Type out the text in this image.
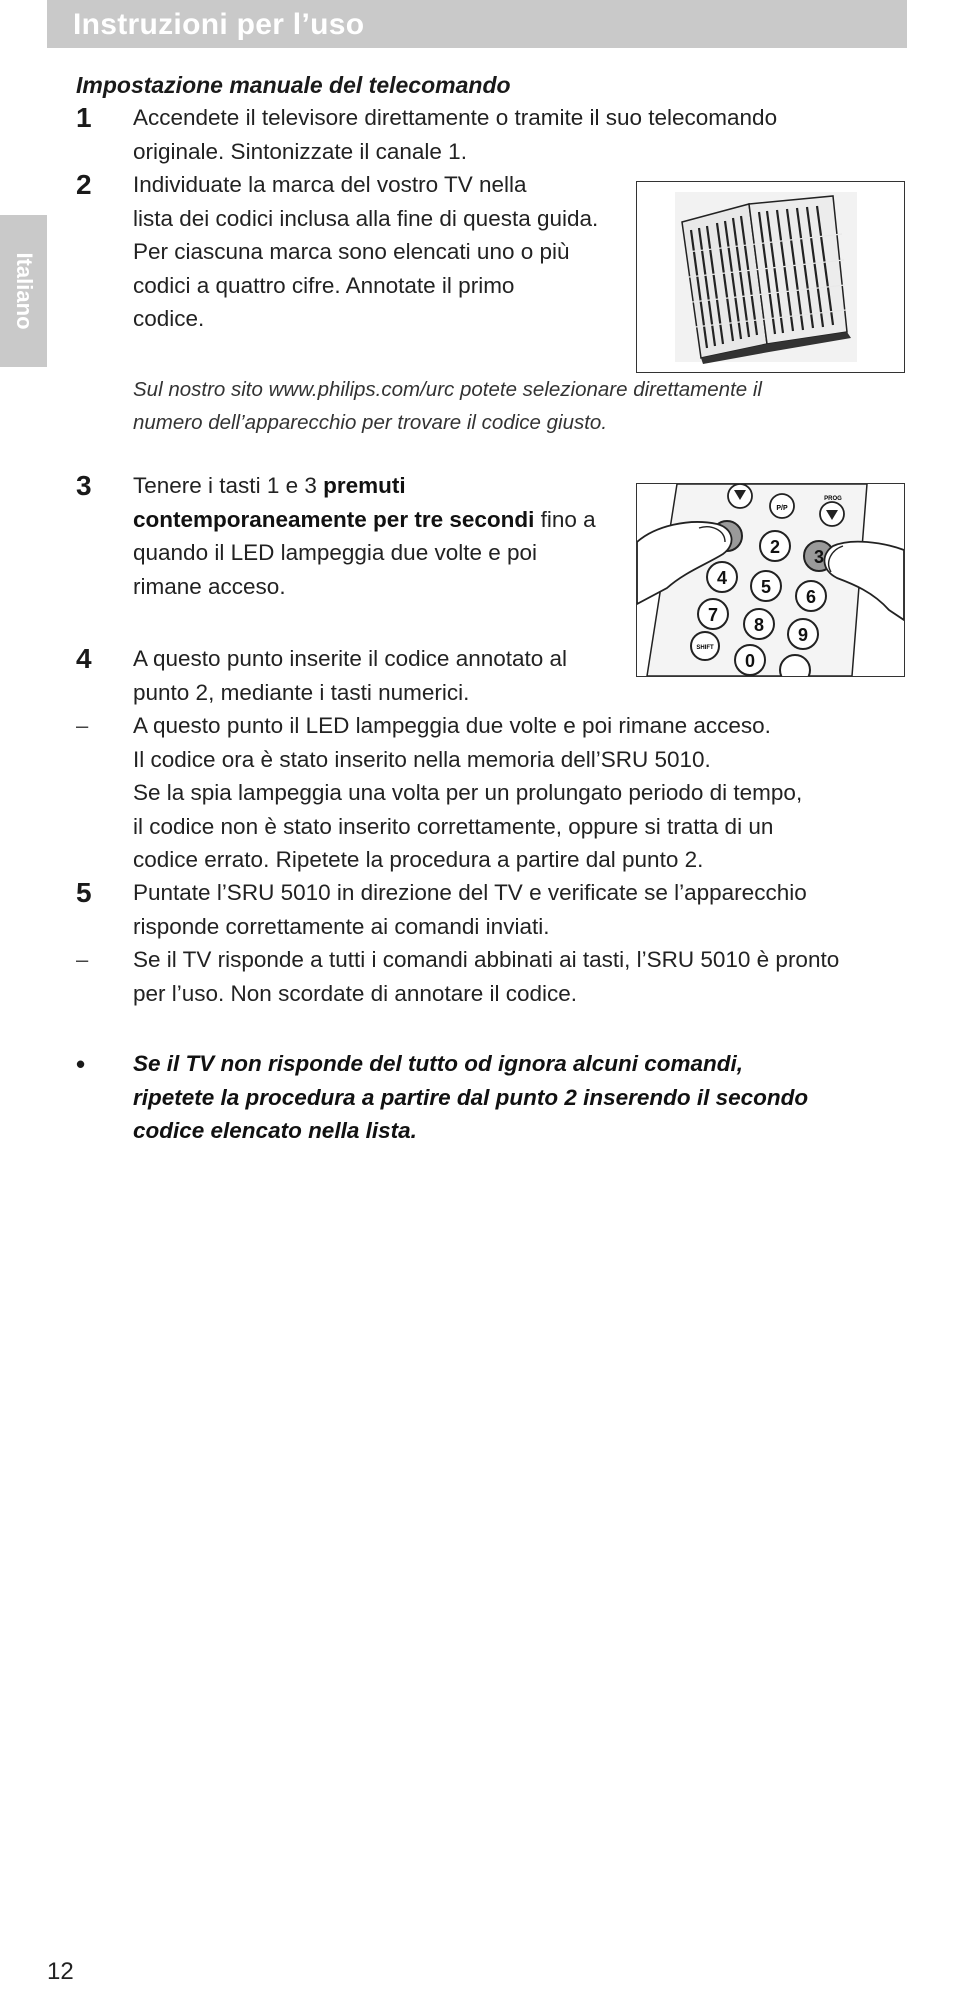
Instruzioni per l’uso
Italiano
Impostazione manuale del telecomando
1 Accendete il televisore direttamente o tramite il suo telecomando

originale. Sintonizzate il canale 1.

2 Individuate la marca del vostro TV nella

lista dei codici inclusa alla fine di questa guida.

Per ciascuna marca sono elencati uno o più

codici a quattro cifre. Annotate il primo

codice.

Sul nostro sito www.philips.com/urc potete selezionare direttamente il
numero dell’apparecchio per trovare il codice giusto.
3 Tenere i tasti 1 e 3 premuti

contemporaneamente per tre secondi fino a

quando il LED lampeggia due volte e poi

rimane acceso.

P/P
PROG
2 3
4 5 6
7 8 9
0
SHIFT
4 A questo punto inserite il codice annotato al

punto 2, mediante i tasti numerici.

– A questo punto il LED lampeggia due volte e poi rimane acceso.

Il codice ora è stato inserito nella memoria dell’SRU 5010.

Se la spia lampeggia una volta per un prolungato periodo di tempo,

il codice non è stato inserito correttamente, oppure si tratta di un

codice errato. Ripetete la procedura a partire dal punto 2.

5 Puntate l’SRU 5010 in direzione del TV e verificate se l’apparecchio

risponde correttamente ai comandi inviati.

– Se il TV risponde a tutti i comandi abbinati ai tasti, l’SRU 5010 è pronto

per l’uso. Non scordate di annotare il codice.

• Se il TV non risponde del tutto od ignora alcuni comandi,
ripetete la procedura a partire dal punto 2 inserendo il secondo
codice elencato nella lista.
12
